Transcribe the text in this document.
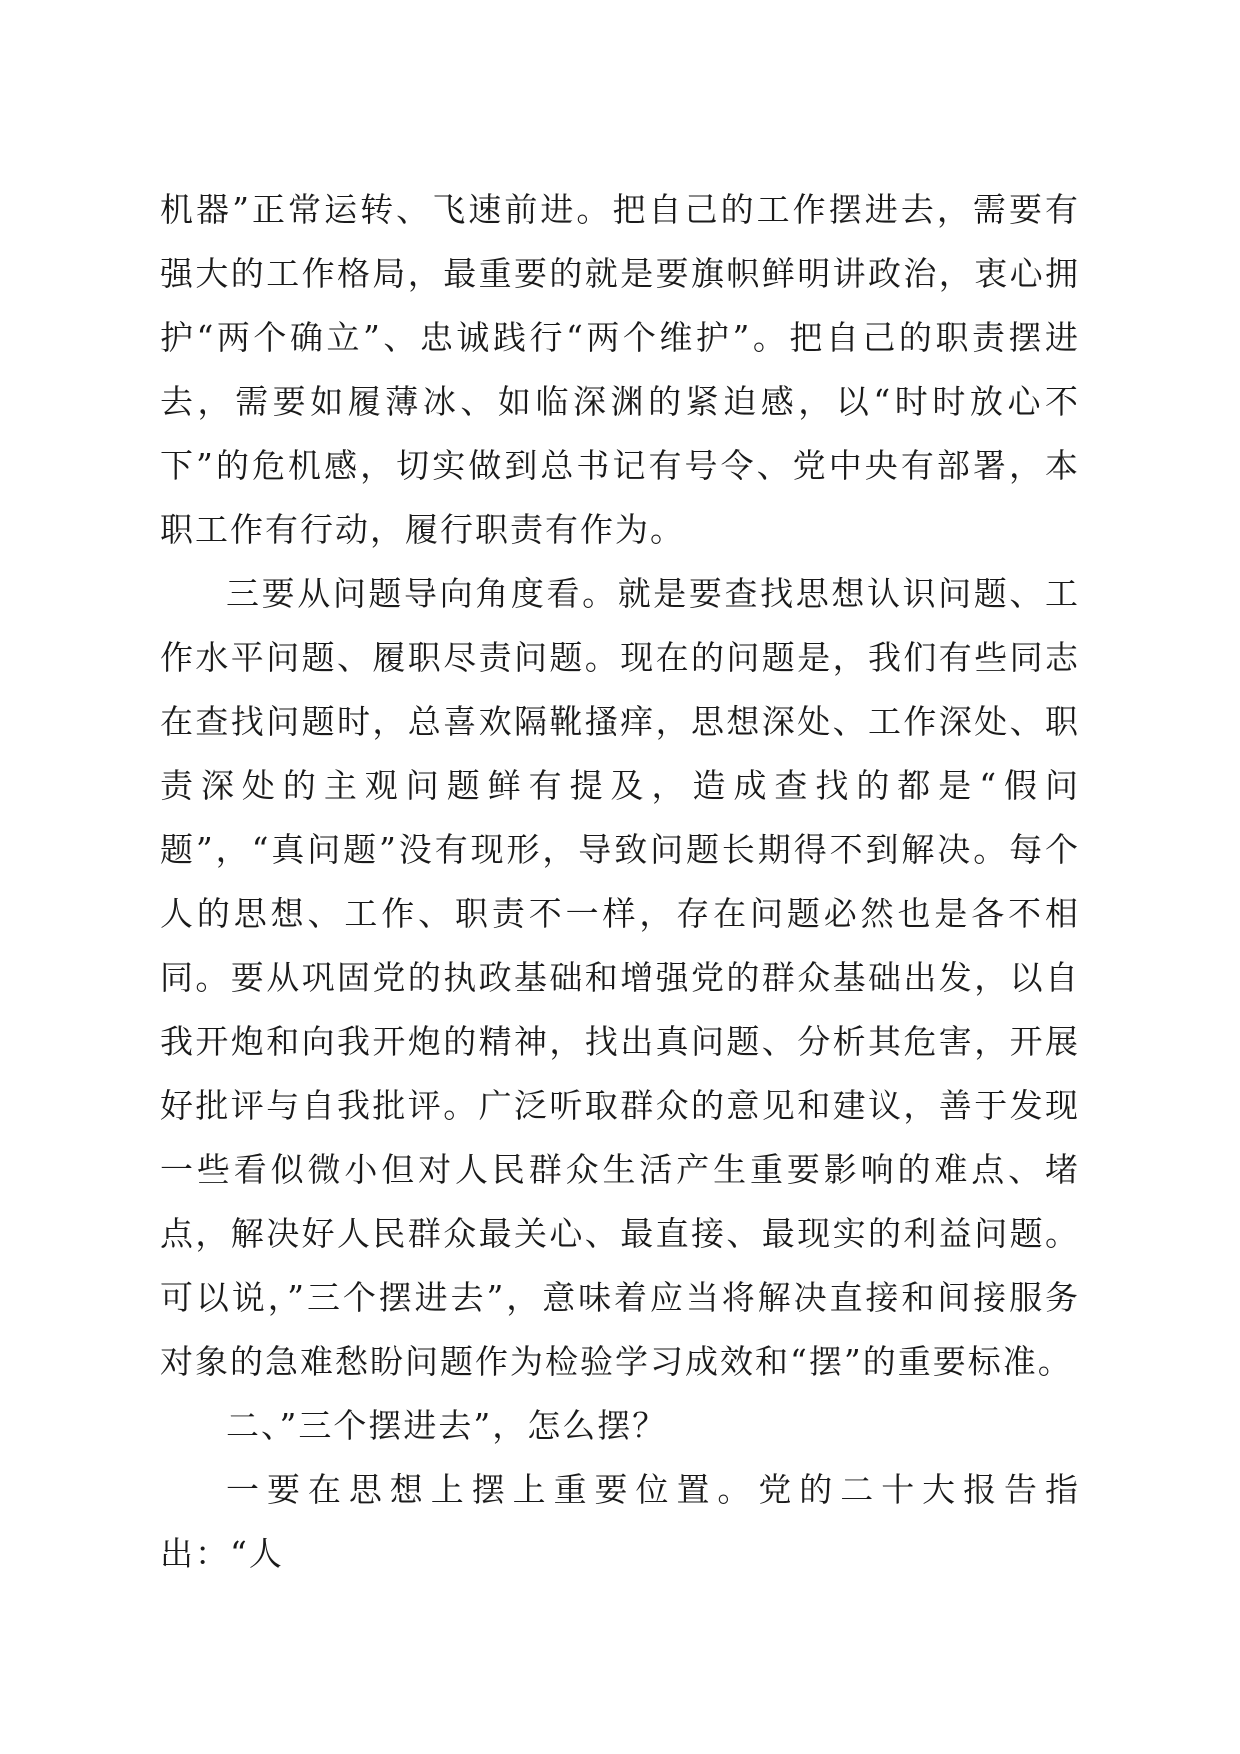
机器”正常运转、飞速前进。把自己的工作摆进去，需要有强大的工作格局，最重要的就是要旗帜鲜明讲政治，衷心拥护“两个确立”、忠诚践行“两个维护”。把自己的职责摆进去，需要如履薄冰、如临深渊的紧迫感，以“时时放心不下”的危机感，切实做到总书记有号令、党中央有部署，本职工作有行动，履行职责有作为。

三要从问题导向角度看。就是要查找思想认识问题、工作水平问题、履职尽责问题。现在的问题是，我们有些同志在查找问题时，总喜欢隔靴搔痒，思想深处、工作深处、职责深处的主观问题鲜有提及，造成查找的都是“假问题”，“真问题”没有现形，导致问题长期得不到解决。每个人的思想、工作、职责不一样，存在问题必然也是各不相同。要从巩固党的执政基础和增强党的群众基础出发，以自我开炮和向我开炮的精神，找出真问题、分析其危害，开展好批评与自我批评。广泛听取群众的意见和建议，善于发现一些看似微小但对人民群众生活产生重要影响的难点、堵点，解决好人民群众最关心、最直接、最现实的利益问题。可以说，”三个摆进去”，意味着应当将解决直接和间接服务对象的急难愁盼问题作为检验学习成效和“摆”的重要标准。

二、”三个摆进去”，怎么摆？

一要在思想上摆上重要位置。党的二十大报告指出：“人
